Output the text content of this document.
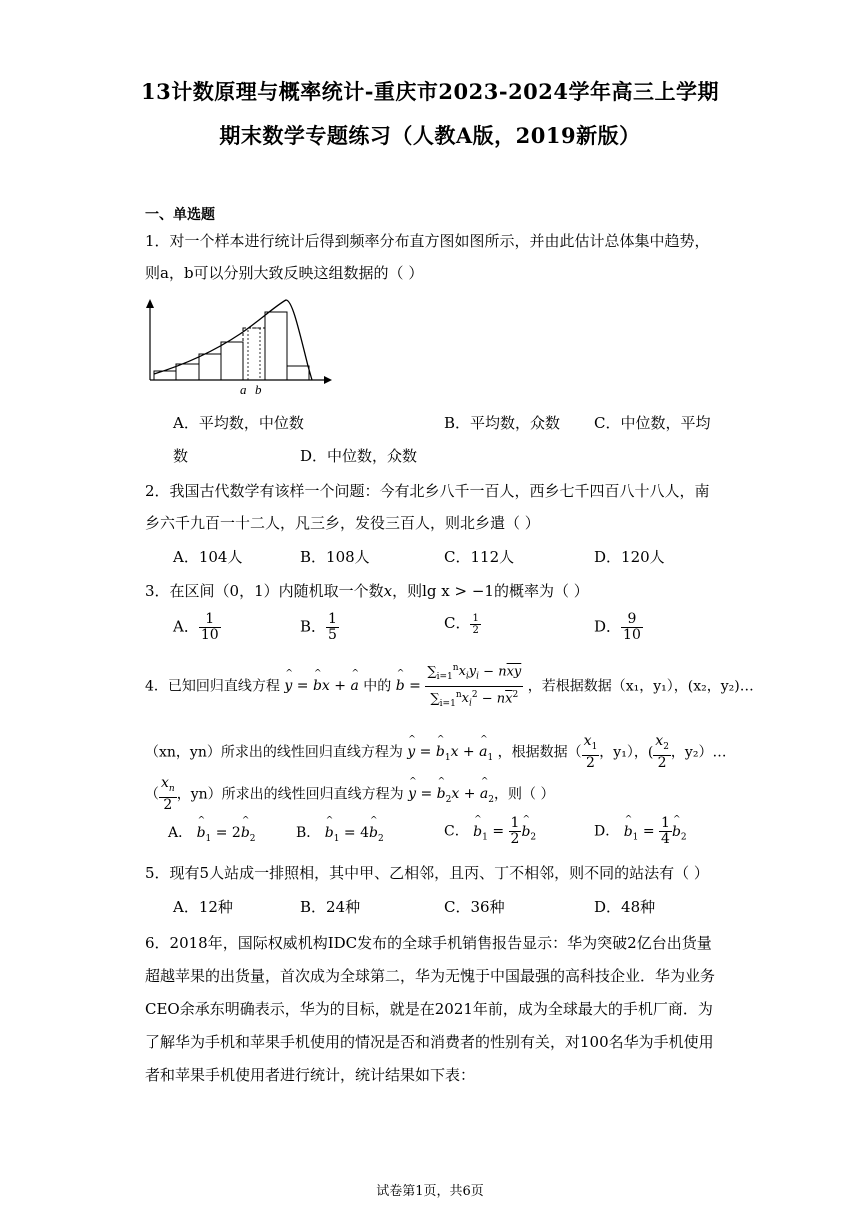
13计数原理与概率统计-重庆市2023-2024学年高三上学期
期末数学专题练习（人教A版，2019新版）
一、单选题
1．对一个样本进行统计后得到频率分布直方图如图所示，并由此估计总体集中趋势，
则a，b可以分别大致反映这组数据的（ ）
a b
A．平均数，中位数	B．平均数，众数 C．中位数，平均
数	D．中位数，众数
2．我国古代数学有该样一个问题：今有北乡八千一百人，西乡七千四百八十八人，南
乡六千九百一十二人，凡三乡，发役三百人，则北乡遣（ ）
A．104人	B．108人	C．112人	D．120人
3．在区间（0，1）内随机取一个数x，则lg x > −1的概率为（ ）
A． $\frac{1}{10}$	B． $\frac{1}{5}$	C． $\frac{1}{2}$	D． $\frac{9}{10}$
4．已知回归直线方程 ^ y = ^ bx + ^ a 中的 ^ $b = \frac{\sum_{i=1}^nx_iy_i - n\overline{xy}}{\sum_{i=1}^nx_i^2 - n\overline{x}^2}$ ，若根据数据（x₁，y₁），(x₂，y₂)…
（xn，yn）所求出的线性回归直线方程为 ^ y = ^ $b_1x$ + ^ $a_1$ ，根据数据（ $\frac{x_1}{2}$ ，y₁），( $\frac{x_2}{2}$ ，y₂）…
（ $\frac{x_n}{2}$ ，yn）所求出的线性回归直线方程为 ^ y = ^ $b_2x$ + ^ $a_2$，则（ ）
A． ^ $b_1$ = 2^ $b_2$	B． ^ $b_1$ = 4^ $b_2$	C． ^ $b_1 = \frac{1}{2}$ ^ $b_2$	D． ^ $b_1 = \frac{1}{4}$ ^ $b_2$
5．现有5人站成一排照相，其中甲、乙相邻，且丙、丁不相邻，则不同的站法有（ ）
A．12种	B．24种	C．36种	D．48种
6．2018年，国际权威机构IDC发布的全球手机销售报告显示：华为突破2亿台出货量
超越苹果的出货量，首次成为全球第二，华为无愧于中国最强的高科技企业．华为业务
CEO余承东明确表示，华为的目标，就是在2021年前，成为全球最大的手机厂商．为
了解华为手机和苹果手机使用的情况是否和消费者的性别有关，对100名华为手机使用
者和苹果手机使用者进行统计，统计结果如下表：
试卷第1页，共6页
